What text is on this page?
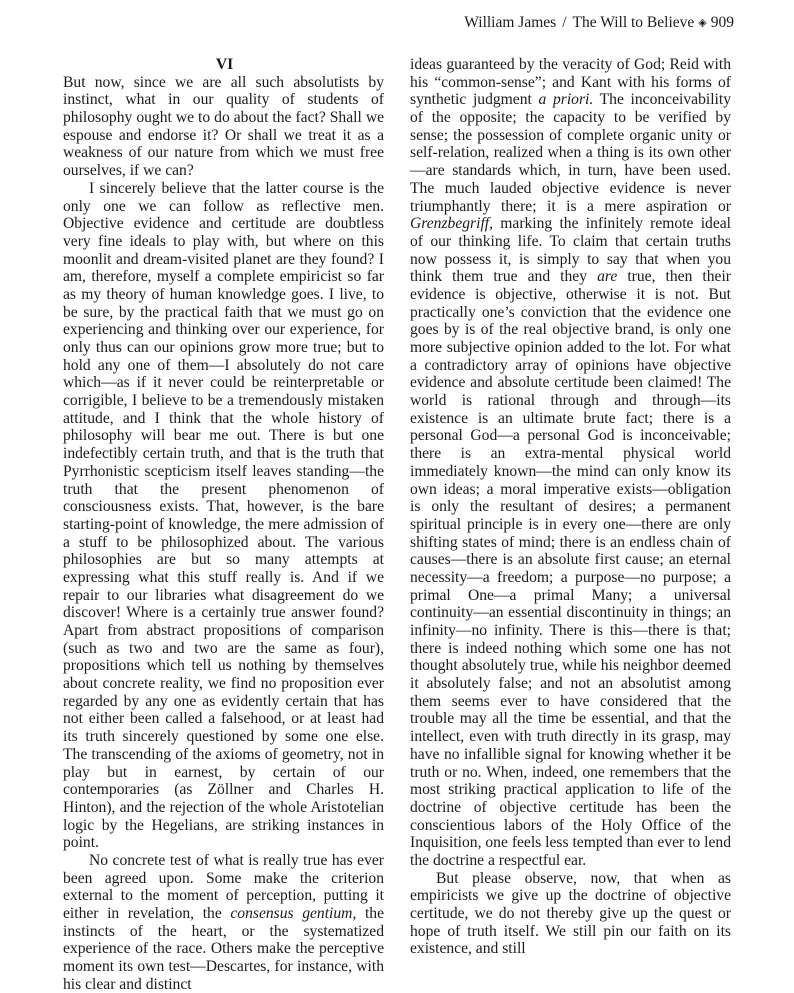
William James / The Will to Believe ◈ 909
VI

But now, since we are all such absolutists by instinct, what in our quality of students of philosophy ought we to do about the fact? Shall we espouse and endorse it? Or shall we treat it as a weakness of our nature from which we must free ourselves, if we can?

I sincerely believe that the latter course is the only one we can follow as reflective men. Objective evidence and certitude are doubtless very fine ideals to play with, but where on this moonlit and dream-visited planet are they found? I am, therefore, myself a complete empiricist so far as my theory of human knowledge goes. I live, to be sure, by the practical faith that we must go on experiencing and thinking over our experience, for only thus can our opinions grow more true; but to hold any one of them—I absolutely do not care which—as if it never could be reinterpretable or corrigible, I believe to be a tremendously mistaken attitude, and I think that the whole history of philosophy will bear me out. There is but one indefectibly certain truth, and that is the truth that Pyrrhonistic scepticism itself leaves standing—the truth that the present phenomenon of consciousness exists. That, however, is the bare starting-point of knowledge, the mere admission of a stuff to be philosophized about. The various philosophies are but so many attempts at expressing what this stuff really is. And if we repair to our libraries what disagreement do we discover! Where is a certainly true answer found? Apart from abstract propositions of comparison (such as two and two are the same as four), propositions which tell us nothing by themselves about concrete reality, we find no proposition ever regarded by any one as evidently certain that has not either been called a falsehood, or at least had its truth sincerely questioned by some one else. The transcending of the axioms of geometry, not in play but in earnest, by certain of our contemporaries (as Zöllner and Charles H. Hinton), and the rejection of the whole Aristotelian logic by the Hegelians, are striking instances in point.

No concrete test of what is really true has ever been agreed upon. Some make the criterion external to the moment of perception, putting it either in revelation, the consensus gentium, the instincts of the heart, or the systematized experience of the race. Others make the perceptive moment its own test—Descartes, for instance, with his clear and distinct

ideas guaranteed by the veracity of God; Reid with his “common-sense”; and Kant with his forms of synthetic judgment a priori. The inconceivability of the opposite; the capacity to be verified by sense; the possession of complete organic unity or self-relation, realized when a thing is its own other—are standards which, in turn, have been used. The much lauded objective evidence is never triumphantly there; it is a mere aspiration or Grenzbegriff, marking the infinitely remote ideal of our thinking life. To claim that certain truths now possess it, is simply to say that when you think them true and they are true, then their evidence is objective, otherwise it is not. But practically one’s conviction that the evidence one goes by is of the real objective brand, is only one more subjective opinion added to the lot. For what a contradictory array of opinions have objective evidence and absolute certitude been claimed! The world is rational through and through—its existence is an ultimate brute fact; there is a personal God—a personal God is inconceivable; there is an extra-mental physical world immediately known—the mind can only know its own ideas; a moral imperative exists—obligation is only the resultant of desires; a permanent spiritual principle is in every one—there are only shifting states of mind; there is an endless chain of causes—there is an absolute first cause; an eternal necessity—a freedom; a purpose—no purpose; a primal One—a primal Many; a universal continuity—an essential discontinuity in things; an infinity—no infinity. There is this—there is that; there is indeed nothing which some one has not thought absolutely true, while his neighbor deemed it absolutely false; and not an absolutist among them seems ever to have considered that the trouble may all the time be essential, and that the intellect, even with truth directly in its grasp, may have no infallible signal for knowing whether it be truth or no. When, indeed, one remembers that the most striking practical application to life of the doctrine of objective certitude has been the conscientious labors of the Holy Office of the Inquisition, one feels less tempted than ever to lend the doctrine a respectful ear.

But please observe, now, that when as empiricists we give up the doctrine of objective certitude, we do not thereby give up the quest or hope of truth itself. We still pin our faith on its existence, and still
